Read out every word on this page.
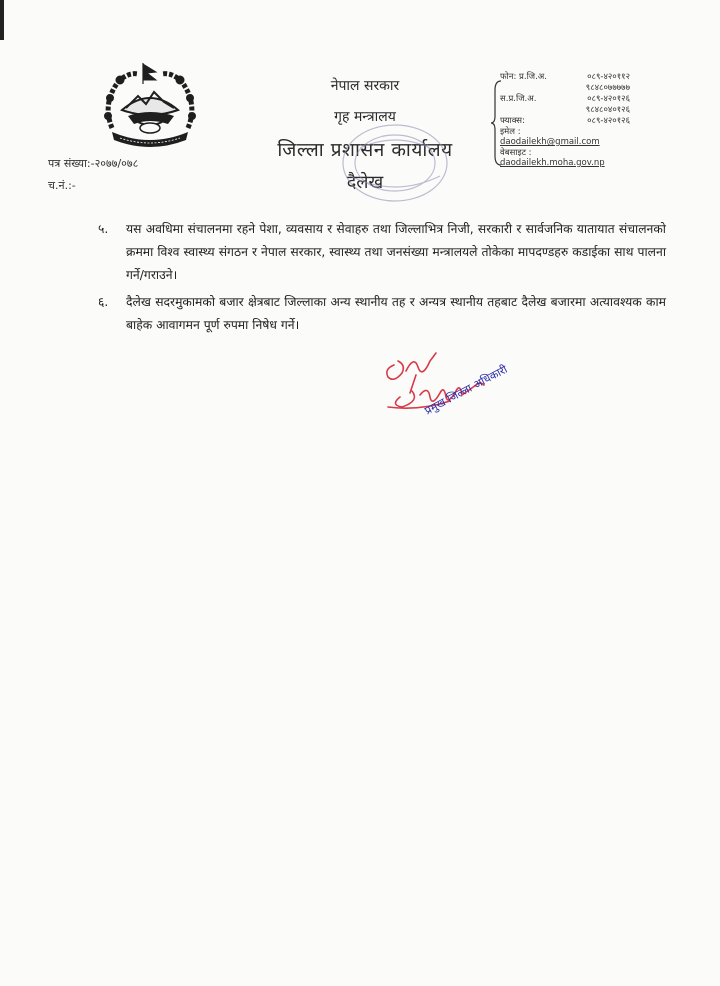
नेपाल सरकार
गृह मन्त्रालय
जिल्ला प्रशासन कार्यालय
दैलेख
फोन: प्र.जि.अ.	०८९-४२०११२
९८४८०७७७७७
स.प्र.जि.अ.	०८९-४२०१२६
९८४८०४०१२६
फ्याक्स:	०८९-४२०१२६
इमेल :
daodailekh@gmail.com
वेबसाइट :
daodailekh.moha.gov.np
पत्र संख्या:-२०७७/०७८
च.नं.:-
५.	यस अवधिमा संचालनमा रहने पेशा, व्यवसाय र सेवाहरु तथा जिल्लाभित्र निजी, सरकारी र सार्वजनिक यातायात संचालनको क्रममा विश्व स्वास्थ्य संगठन र नेपाल सरकार, स्वास्थ्य तथा जनसंख्या मन्त्रालयले तोकेका मापदण्डहरु कडाईका साथ पालना गर्ने/गराउने।
६.	दैलेख सदरमुकामको बजार क्षेत्रबाट जिल्लाका अन्य स्थानीय तह र अन्यत्र स्थानीय तहबाट दैलेख बजारमा अत्यावश्यक काम बाहेक आवागमन पूर्ण रुपमा निषेध गर्ने।
प्रमुख जिल्ला अधिकारी
